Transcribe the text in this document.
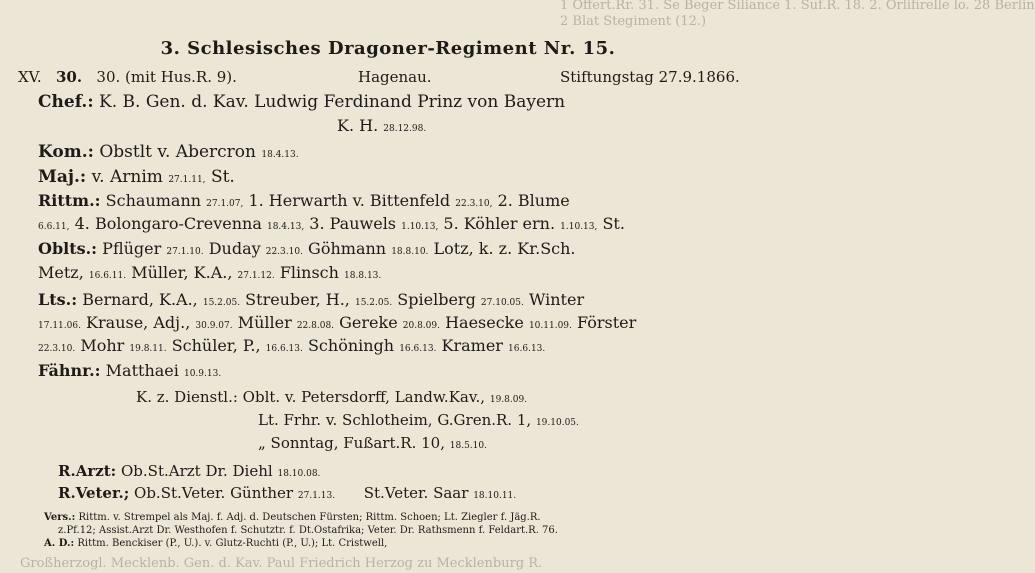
1 Offert.Rr. 31. Se Beger Siliance 1. Suf.R. 18. 2. Orlifirelle lo. 28 Berlin
2 Blat Stegiment (12.)
3. Schlesisches Dragoner-Regiment Nr. 15.
XV. 30. 30. (mit Hus.R. 9).	Hagenau.	Stiftungstag 27.9.1866.
Chef.: K. B. Gen. d. Kav. Ludwig Ferdinand Prinz von Bayern
K. H. 28.12.98.
Kom.: Obstlt v. Abercron 18.4.13.
Maj.: v. Arnim 27.1.11, St.
Rittm.: Schaumann 27.1.07, 1. Herwarth v. Bittenfeld 22.3.10, 2. Blume
6.6.11, 4. Bolongaro-Crevenna 18.4.13, 3. Pauwels 1.10.13, 5. Köhler ern. 1.10.13, St.
Oblts.: Pflüger 27.1.10. Duday 22.3.10. Göhmann 18.8.10. Lotz, k. z. Kr.Sch.
Metz, 16.6.11. Müller, K.A., 27.1.12. Flinsch 18.8.13.
Lts.: Bernard, K.A., 15.2.05. Streuber, H., 15.2.05. Spielberg 27.10.05. Winter
17.11.06. Krause, Adj., 30.9.07. Müller 22.8.08. Gereke 20.8.09. Haesecke 10.11.09. Förster
22.3.10. Mohr 19.8.11. Schüler, P., 16.6.13. Schöningh 16.6.13. Kramer 16.6.13.
Fähnr.: Matthaei 10.9.13.
K. z. Dienstl.: Oblt. v. Petersdorff, Landw.Kav., 19.8.09.
Lt. Frhr. v. Schlotheim, G.Gren.R. 1, 19.10.05.
„ Sonntag, Fußart.R. 10, 18.5.10.
R.Arzt: Ob.St.Arzt Dr. Diehl 18.10.08.
R.Veter.; Ob.St.Veter. Günther 27.1.13. St.Veter. Saar 18.10.11.
Vers.: Rittm. v. Strempel als Maj. f. Adj. d. Deutschen Fürsten; Rittm. Schoen; Lt. Ziegler f. Jäg.R.
z.Pf.12; Assist.Arzt Dr. Westhofen f. Schutztr. f. Dt.Ostafrika; Veter. Dr. Rathsmenn f. Feldart.R. 76.
A. D.: Rittm. Benckiser (P., U.). v. Glutz-Ruchti (P., U.); Lt. Cristwell,
Großherzogl. Mecklenb. Gen. d. Kav. Paul Friedrich Herzog zu Mecklenburg R.
